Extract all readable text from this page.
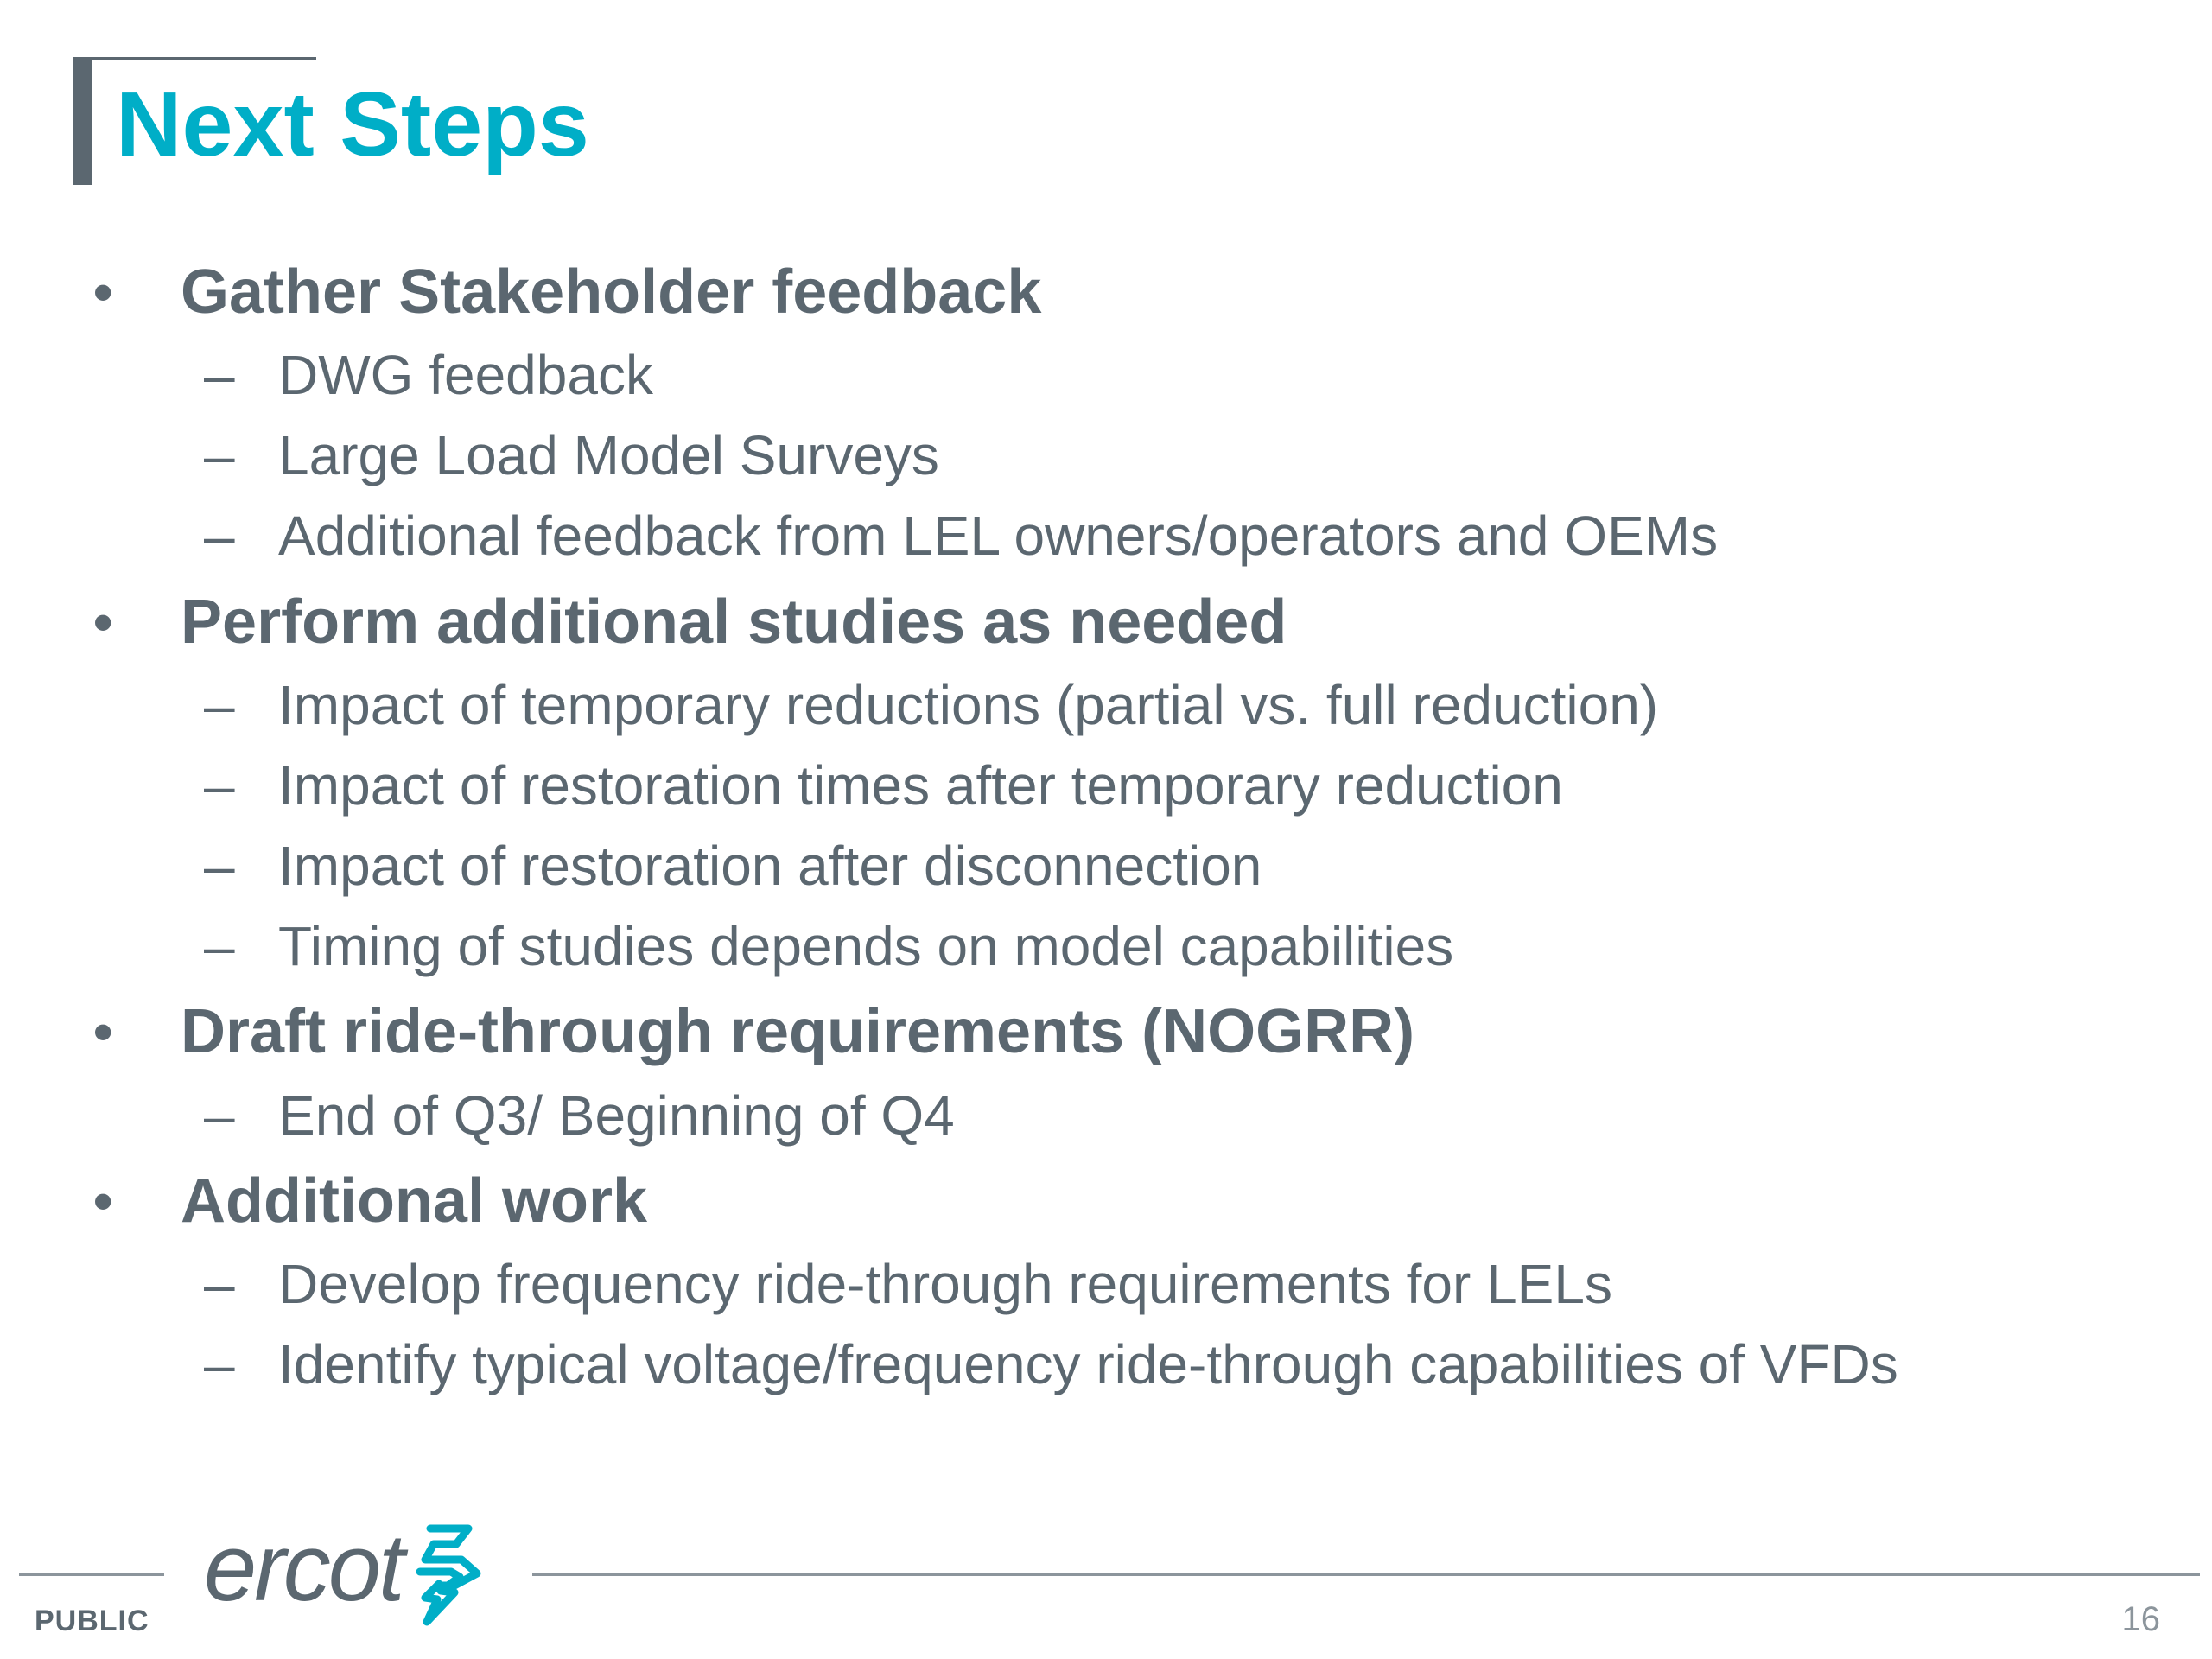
Next Steps
• Gather Stakeholder feedback
– DWG feedback
– Large Load Model Surveys
– Additional feedback from LEL owners/operators and OEMs
• Perform additional studies as needed
– Impact of temporary reductions (partial vs. full reduction)
– Impact of restoration times after temporary reduction
– Impact of restoration after disconnection
– Timing of studies depends on model capabilities
• Draft ride-through requirements (NOGRR)
– End of Q3/ Beginning of Q4
• Additional work
– Develop frequency ride-through requirements for LELs
– Identify typical voltage/frequency ride-through capabilities of VFDs
ercot
PUBLIC	16
